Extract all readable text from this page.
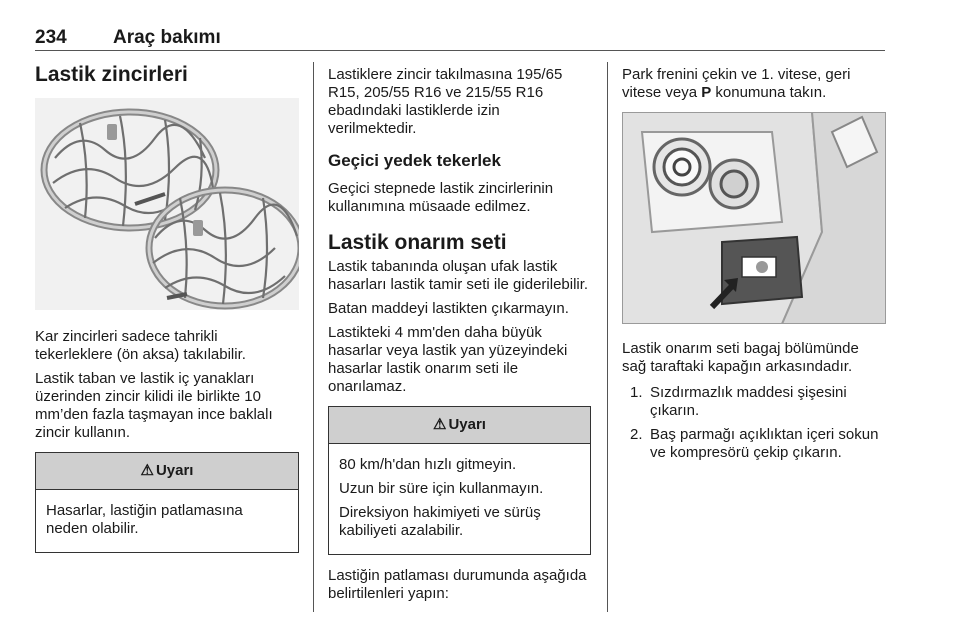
234 Araç bakımı
Lastik zincirleri

Kar zincirleri sadece tahrikli tekerleklere (ön aksa) takılabilir.

Lastik taban ve lastik iç yanakları üzerinden zincir kilidi ile birlikte 10 mm’den fazla taşmayan ince baklalı zincir kullanın.

⚠ Uyarı

Hasarlar, lastiğin patlamasına neden olabilir.

Lastiklere zincir takılmasına 195/65 R15, 205/55 R16 ve 215/55 R16 ebadındaki lastiklerde izin verilmektedir.

Geçici yedek tekerlek

Geçici stepnede lastik zincirlerinin kullanımına müsaade edilmez.

Lastik onarım seti

Lastik tabanında oluşan ufak lastik hasarları lastik tamir seti ile giderilebilir.

Batan maddeyi lastikten çıkarmayın.

Lastikteki 4 mm'den daha büyük hasarlar veya lastik yan yüzeyindeki hasarlar lastik onarım seti ile onarılamaz.

⚠ Uyarı

80 km/h'dan hızlı gitmeyin.

Uzun bir süre için kullanmayın.

Direksiyon hakimiyeti ve sürüş kabiliyeti azalabilir.

Lastiğin patlaması durumunda aşağıda belirtilenleri yapın:

Park frenini çekin ve 1. vitese, geri vitese veya P konumuna takın.

Lastik onarım seti bagaj bölümünde sağ taraftaki kapağın arkasındadır.

1. Sızdırmazlık maddesi şişesini çıkarın.
2. Baş parmağı açıklıktan içeri sokun ve kompresörü çekip çıkarın.
